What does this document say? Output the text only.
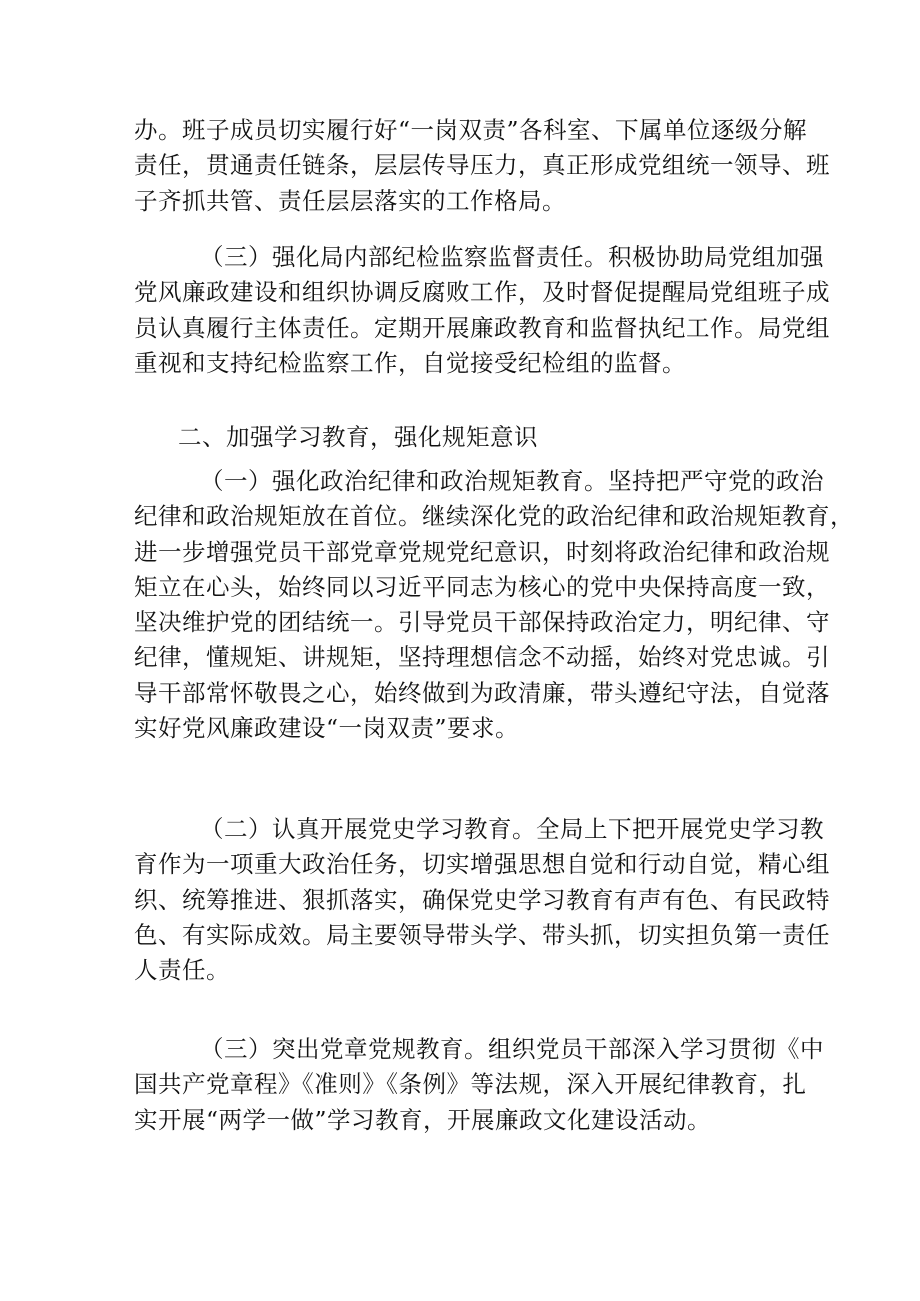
办。班子成员切实履行好“一岗双责”各科室、下属单位逐级分解
责任，贯通责任链条，层层传导压力，真正形成党组统一领导、班
子齐抓共管、责任层层落实的工作格局。
（三）强化局内部纪检监察监督责任。积极协助局党组加强
党风廉政建设和组织协调反腐败工作，及时督促提醒局党组班子成
员认真履行主体责任。定期开展廉政教育和监督执纪工作。局党组
重视和支持纪检监察工作，自觉接受纪检组的监督。
二、加强学习教育，强化规矩意识
（一）强化政治纪律和政治规矩教育。坚持把严守党的政治
纪律和政治规矩放在首位。继续深化党的政治纪律和政治规矩教育，
进一步增强党员干部党章党规党纪意识，时刻将政治纪律和政治规
矩立在心头，始终同以习近平同志为核心的党中央保持高度一致，
坚决维护党的团结统一。引导党员干部保持政治定力，明纪律、守
纪律，懂规矩、讲规矩，坚持理想信念不动摇，始终对党忠诚。引
导干部常怀敬畏之心，始终做到为政清廉，带头遵纪守法，自觉落
实好党风廉政建设“一岗双责”要求。
（二）认真开展党史学习教育。全局上下把开展党史学习教
育作为一项重大政治任务，切实增强思想自觉和行动自觉，精心组
织、统筹推进、狠抓落实，确保党史学习教育有声有色、有民政特
色、有实际成效。局主要领导带头学、带头抓，切实担负第一责任
人责任。
（三）突出党章党规教育。组织党员干部深入学习贯彻《中
国共产党章程》《准则》《条例》等法规，深入开展纪律教育，扎
实开展“两学一做”学习教育，开展廉政文化建设活动。
